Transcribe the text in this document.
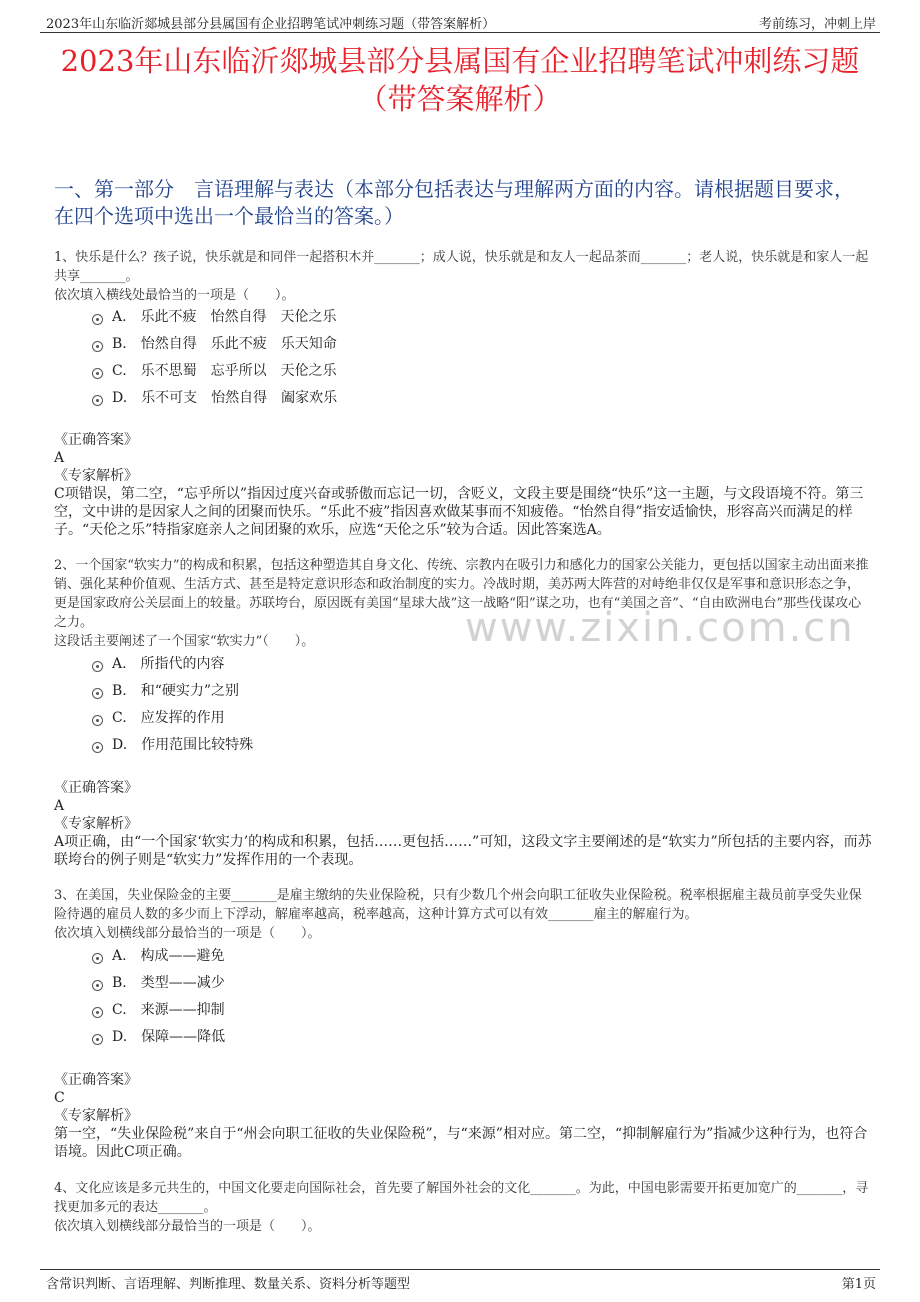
2023年山东临沂郯城县部分县属国有企业招聘笔试冲刺练习题（带答案解析）	考前练习，冲刺上岸
2023年山东临沂郯城县部分县属国有企业招聘笔试冲刺练习题
（带答案解析）
一、第一部分　言语理解与表达（本部分包括表达与理解两方面的内容。请根据题目要求，在四个选项中选出一个最恰当的答案。）
1、快乐是什么？孩子说，快乐就是和同伴一起搭积木并_______；成人说，快乐就是和友人一起品茶而_______；老人说，快乐就是和家人一起共享_______。
依次填入横线处最恰当的一项是（　　）。
A.　乐此不疲　怡然自得　天伦之乐
B.　怡然自得　乐此不疲　乐天知命
C.　乐不思蜀　忘乎所以　天伦之乐
D.　乐不可支　怡然自得　阖家欢乐
《正确答案》
A
《专家解析》
C项错误，第二空，“忘乎所以”指因过度兴奋或骄傲而忘记一切，含贬义，文段主要是围绕“快乐”这一主题，与文段语境不符。第三空，文中讲的是因家人之间的团聚而快乐。“乐此不疲”指因喜欢做某事而不知疲倦。“怡然自得”指安适愉快，形容高兴而满足的样子。“天伦之乐”特指家庭亲人之间团聚的欢乐，应选“天伦之乐”较为合适。因此答案选A。
2、一个国家“软实力”的构成和积累，包括这种塑造其自身文化、传统、宗教内在吸引力和感化力的国家公关能力，更包括以国家主动出面来推销、强化某种价值观、生活方式、甚至是特定意识形态和政治制度的实力。冷战时期，美苏两大阵营的对峙绝非仅仅是军事和意识形态之争，更是国家政府公关层面上的较量。苏联垮台，原因既有美国“星球大战”这一战略“阳”谋之功，也有“美国之音”、“自由欧洲电台”那些伐谋攻心之力。
这段话主要阐述了一个国家“软实力”（　　）。
A.　所指代的内容
B.　和“硬实力”之别
C.　应发挥的作用
D.　作用范围比较特殊
《正确答案》
A
《专家解析》
A项正确，由“一个国家‘软实力’的构成和积累，包括……更包括……”可知，这段文字主要阐述的是“软实力”所包括的主要内容，而苏联垮台的例子则是“软实力”发挥作用的一个表现。
3、在美国，失业保险金的主要_______是雇主缴纳的失业保险税，只有少数几个州会向职工征收失业保险税。税率根据雇主裁员前享受失业保险待遇的雇员人数的多少而上下浮动，解雇率越高，税率越高，这种计算方式可以有效_______雇主的解雇行为。
依次填入划横线部分最恰当的一项是（　　）。
A.　构成——避免
B.　类型——减少
C.　来源——抑制
D.　保障——降低
《正确答案》
C
《专家解析》
第一空，“失业保险税”来自于“州会向职工征收的失业保险税”，与“来源”相对应。第二空，“抑制解雇行为”指减少这种行为，也符合语境。因此C项正确。
4、文化应该是多元共生的，中国文化要走向国际社会，首先要了解国外社会的文化_______。为此，中国电影需要开拓更加宽广的_______，寻找更加多元的表达_______。
依次填入划横线部分最恰当的一项是（　　）。
www.zixin.com.cn
含常识判断、言语理解、判断推理、数量关系、资料分析等题型	第1页
